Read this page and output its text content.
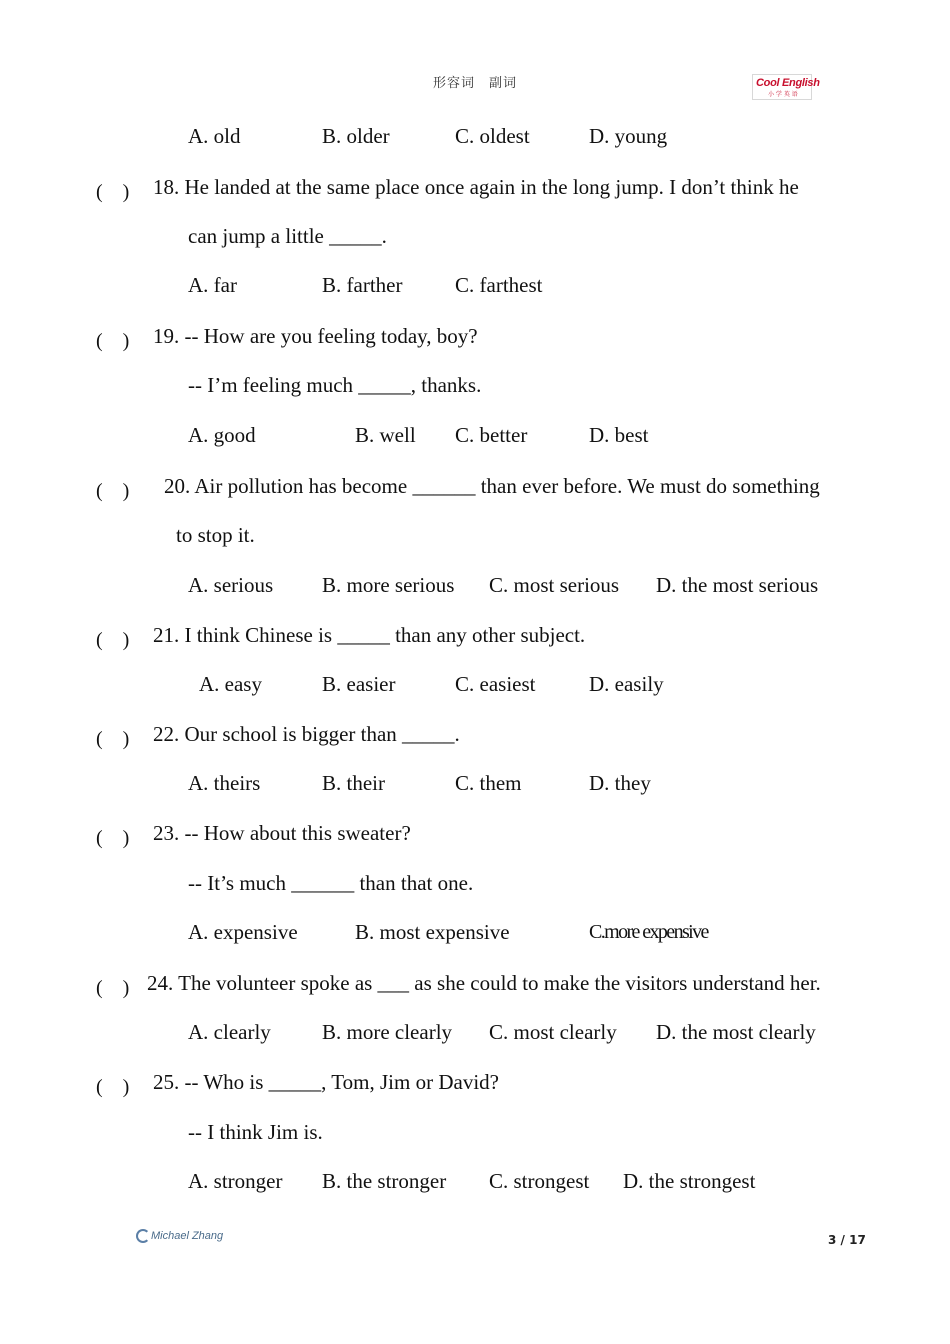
形容词　副词	Cool English
小 学 英 语
A. old	B. older	C. oldest	D. young
(　) 18. He landed at the same place once again in the long jump. I don’t think he
can jump a little _____.
A. far	B. farther	C. farthest
(　) 19. -- How are you feeling today, boy?
-- I’m feeling much _____, thanks.
A. good	B. well C. better	D. best
(　) 20. Air pollution has become ______ than ever before. We must do something
to stop it.
A. serious B. more serious C. most serious D. the most serious
(　) 21. I think Chinese is _____ than any other subject.
A. easy	B. easier	C. easiest	D. easily
(　) 22. Our school is bigger than _____.
A. theirs	B. their	C. them	D. they
(　) 23. -- How about this sweater?
-- It’s much ______ than that one.
A. expensive	B. most expensive	C.more expensive
(　) 24. The volunteer spoke as ___ as she could to make the visitors understand her.
A. clearly B. more clearly C. most clearly D. the most clearly
(　) 25. -- Who is _____, Tom, Jim or David?
-- I think Jim is.
A. stronger B. the stronger C. strongest D. the strongest
Michael Zhang	3 / 17
